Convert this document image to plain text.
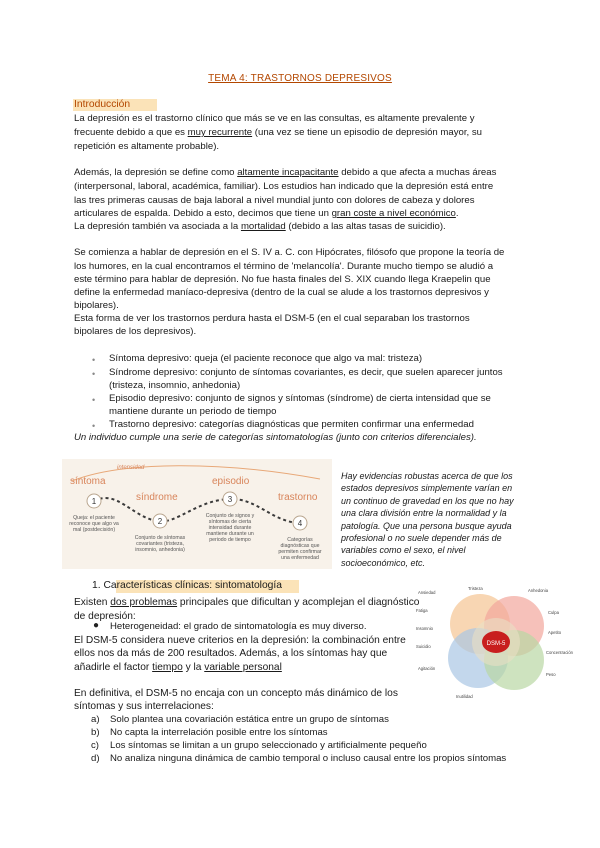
TEMA 4: TRASTORNOS DEPRESIVOS
Introducción
La depresión es el trastorno clínico que más se ve en las consultas, es altamente prevalente y
frecuente debido a que es muy recurrente (una vez se tiene un episodio de depresión mayor, su
repetición es altamente probable).
Además, la depresión se define como altamente incapacitante debido a que afecta a muchas áreas
(interpersonal, laboral, académica, familiar). Los estudios han indicado que la depresión está entre
las tres primeras causas de baja laboral a nivel mundial junto con dolores de cabeza y dolores
articulares de espalda. Debido a esto, decimos que tiene un gran coste a nivel económico.
La depresión también va asociada a la mortalidad (debido a las altas tasas de suicidio).
Se comienza a hablar de depresión en el S. IV a. C. con Hipócrates, filósofo que propone la teoría de
los humores, en la cual encontramos el término de 'melancolía'. Durante mucho tiempo se aludió a
este término para hablar de depresión. No fue hasta finales del S. XIX cuando llega Kraepelin que
define la enfermedad maníaco-depresiva (dentro de la cual se alude a los trastornos depresivos y
bipolares).
Esta forma de ver los trastornos perdura hasta el DSM-5 (en el cual separaban los trastornos
bipolares de los depresivos).
• Síntoma depresivo: queja (el paciente reconoce que algo va mal: tristeza)
• Síndrome depresivo: conjunto de síntomas covariantes, es decir, que suelen aparecer juntos
(tristeza, insomnio, anhedonia)
• Episodio depresivo: conjunto de signos y síntomas (síndrome) de cierta intensidad que se
mantiene durante un periodo de tiempo
• Trastorno depresivo: categorías diagnósticas que permiten confirmar una enfermedad
Un individuo cumple una serie de categorías sintomatologías (junto con criterios diferenciales).
intensidad
síntoma
síndrome
episodio
trastorno
1
2
3
4
Queja: el paciente
reconoce que algo va
mal (postdecisión)
Conjunto de síntomas
covariantes (tristeza,
insomnio, anhedonia)
Conjunto de signos y
síntomas de cierta
intensidad durante
mantiene durante un
periodo de tiempo	Categorías
diagnósticas que
permiten confirmar
una enfermedad
Hay evidencias robustas acerca de que los
estados depresivos simplemente varían en
un continuo de gravedad en los que no hay
una clara división entre la normalidad y la
patología. Que una persona busque ayuda
profesional o no suele depender más de
variables como el sexo, el nivel
socioeconómico, etc.
1. Características clínicas: sintomatología
Existen dos problemas principales que dificultan y acomplejan el diagnóstico
de depresión:
● Heterogeneidad: el grado de sintomatología es muy diverso.
El DSM-5 considera nueve criterios en la depresión: la combinación entre
ellos nos da más de 200 resultados. Además, a los síntomas hay que
añadirle el factor tiempo y la variable personal
En definitiva, el DSM-5 no encaja con un concepto más dinámico de los
síntomas y sus interrelaciones:
a) Solo plantea una covariación estática entre un grupo de síntomas
b) No capta la interrelación posible entre los síntomas
c) Los síntomas se limitan a un grupo seleccionado y artificialmente pequeño
d) No analiza ninguna dinámica de cambio temporal o incluso causal entre los propios síntomas
DSM-5
Ansiedad
Tristeza	Anhedonia
Fatiga	Culpa
Insomnio
Apetito
Suicidio
Concentración
Agitación
Peso
Inutilidad
